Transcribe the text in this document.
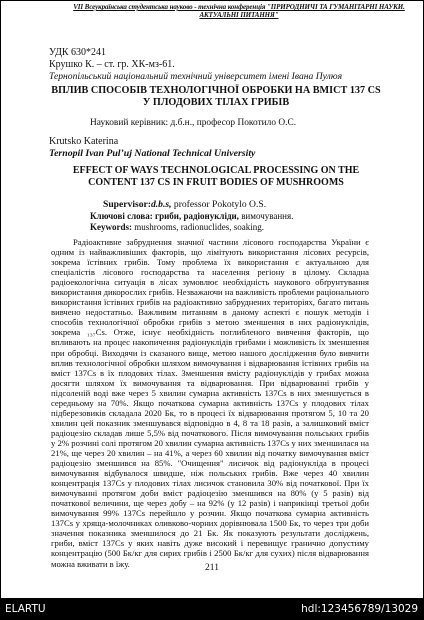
VII Всеукраїнська студентська науково - технічна конференція "ПРИРОДНИЧІ ТА ГУМАНІТАРНІ НАУКИ. АКТУАЛЬНІ ПИТАННЯ"
УДК 630*241
Крушко К. – ст. гр. ХК-мз-61.
Тернопільський національний технічний університет імені Івана Пулюя
ВПЛИВ СПОСОБІВ ТЕХНОЛОГІЧНОЇ ОБРОБКИ НА ВМІСТ 137 CS У ПЛОДОВИХ ТІЛАХ ГРИБІВ
Науковий керівник: д.б.н., професор Покотило О.С.
Krutsko Katerina
Ternopil Ivan Pul’uj National Technical University
EFFECT OF WAYS TECHNOLOGICAL PROCESSING ON THE CONTENT 137 CS IN FRUIT BODIES OF MUSHROOMS
Supervisor:d.b.s, professor Pokotylo O.S.
Ключові слова: гриби, радіонукліди, вимочування.
Keywords: mushrooms, radionuclides, soaking.

Радіоактивне забруднення значної частини лісового господарства України є одним із найважливіших факторів, що лімітують використання лісових ресурсів, зокрема їстівних грибів. Тому проблема їх використання є актуальною для спеціалістів лісового господарства та населення регіону в цілому. Складна радіоекологічна ситуація в лісах зумовлює необхідність наукового обґрунтування використання дикорослих грибів. Незважаючи на важливість проблеми раціонального використання їстівних грибів на радіоактивно забруднених територіях, багато питань вивчено недостатньо. Важливим питанням в даному аспекті є пошук методів і способів технологічної обробки грибів з метою зменшення в них радіонуклідів, зокрема ₁₃₇Cs. Отже, існує необхідність поглибленого вивчення факторів, що впливають на процес накопичення радіонуклідів грибами і можливість їх зменшення при обробці. Виходячи із сказаного вище, метою нашого дослідження було вивчити вплив технологічної обробки шляхом вимочування і відварювання їстівних грибів на вміст 137Cs в їх плодових тілах. Зменшення вмісту радіонуклідів у грибах можна досягти шляхом їх вимочування та відварювання. При відварюванні грибів у підсоленій воді вже через 5 хвилин сумарна активність 137Cs в них зменшується в середньому на 70%. Якщо початкова сумарна активність 137Cs у плодових тілах підберезовиків складала 2020 Бк, то в процесі їх відварювання протягом 5, 10 та 20 хвилин цей показник зменшувався відповідно в 4, 8 та 18 разів, а залишковий вміст радіоцезію складав лише 5,5% від початкового. Після вимочування польських грибів у 2% розчині солі протягом 20 хвилин сумарна активність 137Cs у них зменшилася на 21%, ще через 20 хвилин – на 41%, а через 60 хвилин від початку вимочування вміст радіоцезію зменшився на 85%. "Очищення" лисичок від радіонукліда в процесі вимочування відбувалося швидше, ніж польських грибів. Вже через 40 хвилин концентрація 137Cs у плодових тілах лисичок становила 30% від початкової. При їх вимочуванні протягом доби вміст радіоцезію зменшився на 80% (у 5 разів) від початкової величини, ще через добу – на 92% (у 12 разів) і наприкінці третьої доби вимочування 99% 137Cs перейшло у розчин. Якщо початкова сумарна активність 137Cs у хряща-молочниках оливково-чорних дорівнювала 1500 Бк, то через три доби значення показника зменшилося до 21 Бк. Як показують результати досліджень, гриби, вміст 137Cs у яких навіть дуже високий і перевищує гранично допустиму концентрацію (500 Бк/кг для сирих грибів і 2500 Бк/кг для сухих) після відварювання можна вживати в їжу.	211
ELARTU	hdl:123456789/13029
